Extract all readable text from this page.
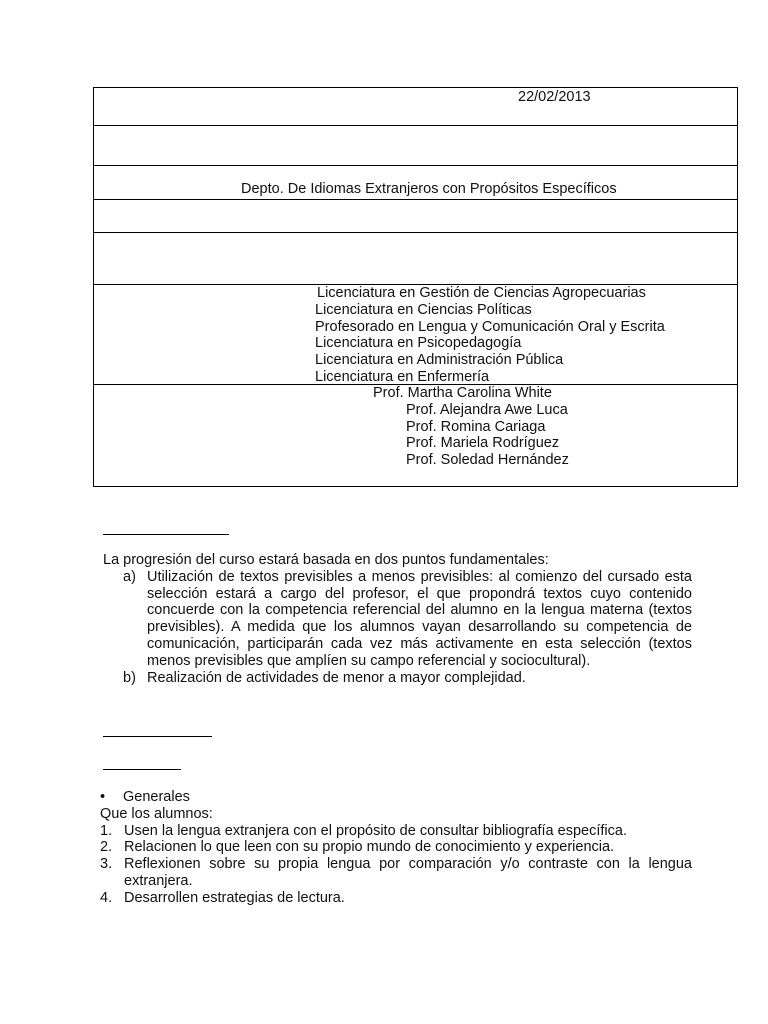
22/02/2013
Depto. De Idiomas Extranjeros con Propósitos Específicos
Licenciatura en Gestión de Ciencias Agropecuarias
Licenciatura en Ciencias Políticas
Profesorado en Lengua y Comunicación Oral y Escrita
Licenciatura en Psicopedagogía
Licenciatura en Administración Pública
Licenciatura en Enfermería
Prof. Martha Carolina White
Prof. Alejandra Awe Luca
Prof. Romina Cariaga
Prof. Mariela Rodríguez
Prof. Soledad Hernández
La progresión del curso estará basada en dos puntos fundamentales:
a) Utilización de textos previsibles a menos previsibles: al comienzo del cursado esta selección estará a cargo del profesor, el que propondrá textos cuyo contenido concuerde con la competencia referencial del alumno en la lengua materna (textos previsibles). A medida que los alumnos vayan desarrollando su competencia de comunicación, participarán cada vez más activamente en esta selección (textos menos previsibles que amplíen su campo referencial y sociocultural).
b) Realización de actividades de menor a mayor complejidad.
• Generales
Que los alumnos:
1. Usen la lengua extranjera con el propósito de consultar bibliografía específica.
2. Relacionen lo que leen con su propio mundo de conocimiento y experiencia.
3. Reflexionen sobre su propia lengua por comparación y/o contraste con la lengua extranjera.
4. Desarrollen estrategias de lectura.
